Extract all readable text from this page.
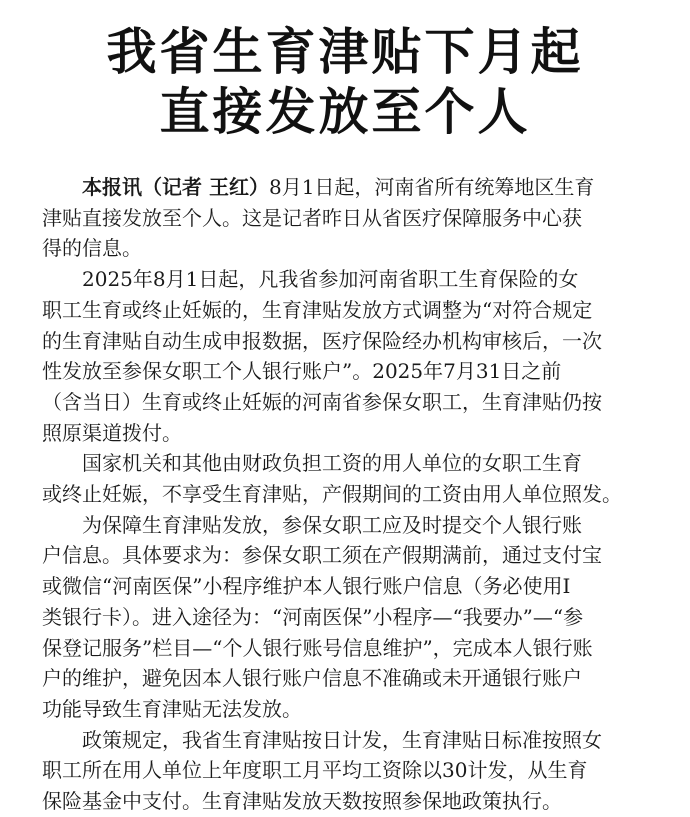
我省生育津贴下月起
直接发放至个人
本报讯（记者 王红）8月1日起，河南省所有统筹地区生育
津贴直接发放至个人。这是记者昨日从省医疗保障服务中心获
得的信息。
2025年8月1日起，凡我省参加河南省职工生育保险的女
职工生育或终止妊娠的，生育津贴发放方式调整为“对符合规定
的生育津贴自动生成申报数据，医疗保险经办机构审核后，一次
性发放至参保女职工个人银行账户”。2025年7月31日之前
（含当日）生育或终止妊娠的河南省参保女职工，生育津贴仍按
照原渠道拨付。
国家机关和其他由财政负担工资的用人单位的女职工生育
或终止妊娠，不享受生育津贴，产假期间的工资由用人单位照发。
为保障生育津贴发放，参保女职工应及时提交个人银行账
户信息。具体要求为：参保女职工须在产假期满前，通过支付宝
或微信“河南医保”小程序维护本人银行账户信息（务必使用Ⅰ
类银行卡）。进入途径为：“河南医保”小程序—“我要办”—“参
保登记服务”栏目—“个人银行账号信息维护”，完成本人银行账
户的维护，避免因本人银行账户信息不准确或未开通银行账户
功能导致生育津贴无法发放。
政策规定，我省生育津贴按日计发，生育津贴日标准按照女
职工所在用人单位上年度职工月平均工资除以30计发，从生育
保险基金中支付。生育津贴发放天数按照参保地政策执行。
